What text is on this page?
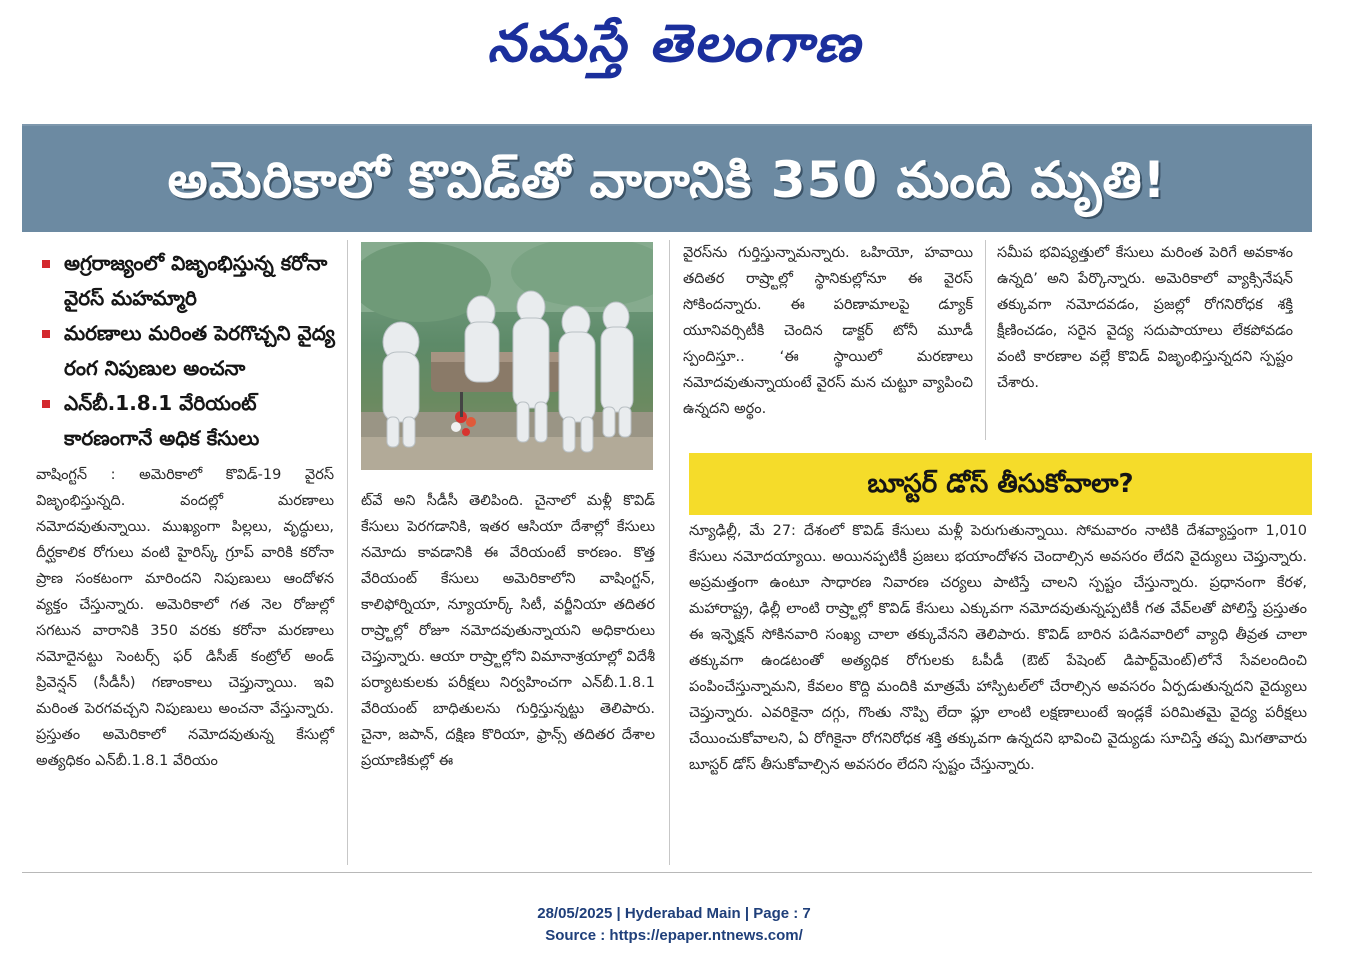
నమస్తే తెలంగాణ
అమెరికాలో కొవిడ్‌తో వారానికి 350 మంది మృతి!
అగ్రరాజ్యంలో విజృంభిస్తున్న కరోనా వైరస్‌ మహమ్మారి
మరణాలు మరింత పెరగొచ్చని వైద్య రంగ నిపుణుల అంచనా
ఎన్‌బీ.1.8.1 వేరియంట్‌ కారణంగానే అధిక కేసులు

వాషింగ్టన్‌ : అమెరికాలో కొవిడ్‌-19 వైరస్‌ విజృంభిస్తున్నది. వందల్లో మరణాలు నమోదవుతున్నాయి. ముఖ్యంగా పిల్లలు, వృద్ధులు, దీర్ఘకాలిక రోగులు వంటి హైరిస్క్‌ గ్రూప్‌ వారికి కరోనా ప్రాణ సంకటంగా మారిందని నిపుణులు ఆందోళన వ్యక్తం చేస్తున్నారు. అమెరికాలో గత నెల రోజుల్లో సగటున వారానికి 350 వరకు కరోనా మరణాలు నమోదైనట్టు సెంటర్స్‌ ఫర్‌ డిసీజ్‌ కంట్రోల్‌ అండ్‌ ప్రివెన్షన్‌ (సీడీసీ) గణాంకాలు చెప్తున్నాయి. ఇవి మరింత పెరగవచ్చని నిపుణులు అంచనా వేస్తున్నారు. ప్రస్తుతం అమెరికాలో నమోదవుతున్న కేసుల్లో అత్యధికం ఎన్‌బీ.1.8.1 వేరియం

ట్‌వే అని సీడీసీ తెలిపింది. చైనాలో మళ్లీ కొవిడ్‌ కేసులు పెరగడానికి, ఇతర ఆసియా దేశాల్లో కేసులు నమోదు కావడానికి ఈ వేరియంటే కారణం. కొత్త వేరియంట్‌ కేసులు అమెరికాలోని వాషింగ్టన్‌, కాలిఫోర్నియా, న్యూయార్క్‌ సిటీ, వర్జీనియా తదితర రాష్ర్టాల్లో రోజూ నమోదవుతున్నాయని అధికారులు చెప్తున్నారు. ఆయా రాష్ర్టాల్లోని విమానాశ్రయాల్లో విదేశీ పర్యాటకులకు పరీక్షలు నిర్వహించగా ఎన్‌బీ.1.8.1 వేరియంట్‌ బాధితులను గుర్తిస్తున్నట్టు తెలిపారు. చైనా, జపాన్‌, దక్షిణ కొరియా, ఫ్రాన్స్‌ తదితర దేశాల ప్రయాణికుల్లో ఈ

వైరస్‌ను గుర్తిస్తున్నామన్నారు. ఒహియో, హవాయి తదితర రాష్ర్టాల్లో స్థానికుల్లోనూ ఈ వైరస్‌ సోకిందన్నారు. ఈ పరిణామాలపై డ్యూక్‌ యూనివర్సిటీకి చెందిన డాక్టర్‌ టోనీ మూడీ స్పందిస్తూ.. ‘ఈ స్థాయిలో మరణాలు నమోదవుతున్నాయంటే వైరస్‌ మన చుట్టూ వ్యాపించి ఉన్నదని అర్థం.

సమీప భవిష్యత్తులో కేసులు మరింత పెరిగే అవకాశం ఉన్నది’ అని పేర్కొన్నారు. అమెరికాలో వ్యాక్సినేషన్‌ తక్కువగా నమోదవడం, ప్రజల్లో రోగనిరోధక శక్తి క్షీణించడం, సరైన వైద్య సదుపాయాలు లేకపోవడం వంటి కారణాల వల్లే కొవిడ్‌ విజృంభిస్తున్నదని స్పష్టం చేశారు.

బూస్టర్‌ డోస్‌ తీసుకోవాలా?

న్యూఢిల్లీ, మే 27: దేశంలో కొవిడ్‌ కేసులు మళ్లీ పెరుగుతున్నాయి. సోమవారం నాటికి దేశవ్యాప్తంగా 1,010 కేసులు నమోదయ్యాయి. అయినప్పటికీ ప్రజలు భయాందోళన చెందాల్సిన అవసరం లేదని వైద్యులు చెప్తున్నారు. అప్రమత్తంగా ఉంటూ సాధారణ నివారణ చర్యలు పాటిస్తే చాలని స్పష్టం చేస్తున్నారు. ప్రధానంగా కేరళ, మహారాష్ట్ర, ఢిల్లీ లాంటి రాష్ర్టాల్లో కొవిడ్‌ కేసులు ఎక్కువగా నమోదవుతున్నప్పటికీ గత వేవ్‌లతో పోలిస్తే ప్రస్తుతం ఈ ఇన్ఫెక్షన్‌ సోకినవారి సంఖ్య చాలా తక్కువేనని తెలిపారు. కొవిడ్‌ బారిన పడినవారిలో వ్యాధి తీవ్రత చాలా తక్కువగా ఉండటంతో అత్యధిక రోగులకు ఓపీడీ (ఔట్‌ పేషెంట్‌ డిపార్ట్‌మెంట్‌)లోనే సేవలందించి పంపించేస్తున్నామని, కేవలం కొద్ది మందికి మాత్రమే హాస్పిటల్‌లో చేరాల్సిన అవసరం ఏర్పడుతున్నదని వైద్యులు చెప్తున్నారు. ఎవరికైనా దగ్గు, గొంతు నొప్పి లేదా ఫ్లూ లాంటి లక్షణాలుంటే ఇండ్లకే పరిమితమై వైద్య పరీక్షలు చేయించుకోవాలని, ఏ రోగికైనా రోగనిరోధక శక్తి తక్కువగా ఉన్నదని భావించి వైద్యుడు సూచిస్తే తప్ప మిగతావారు బూస్టర్‌ డోస్‌ తీసుకోవాల్సిన అవసరం లేదని స్పష్టం చేస్తున్నారు.

28/05/2025 | Hyderabad Main | Page : 7
Source : https://epaper.ntnews.com/
